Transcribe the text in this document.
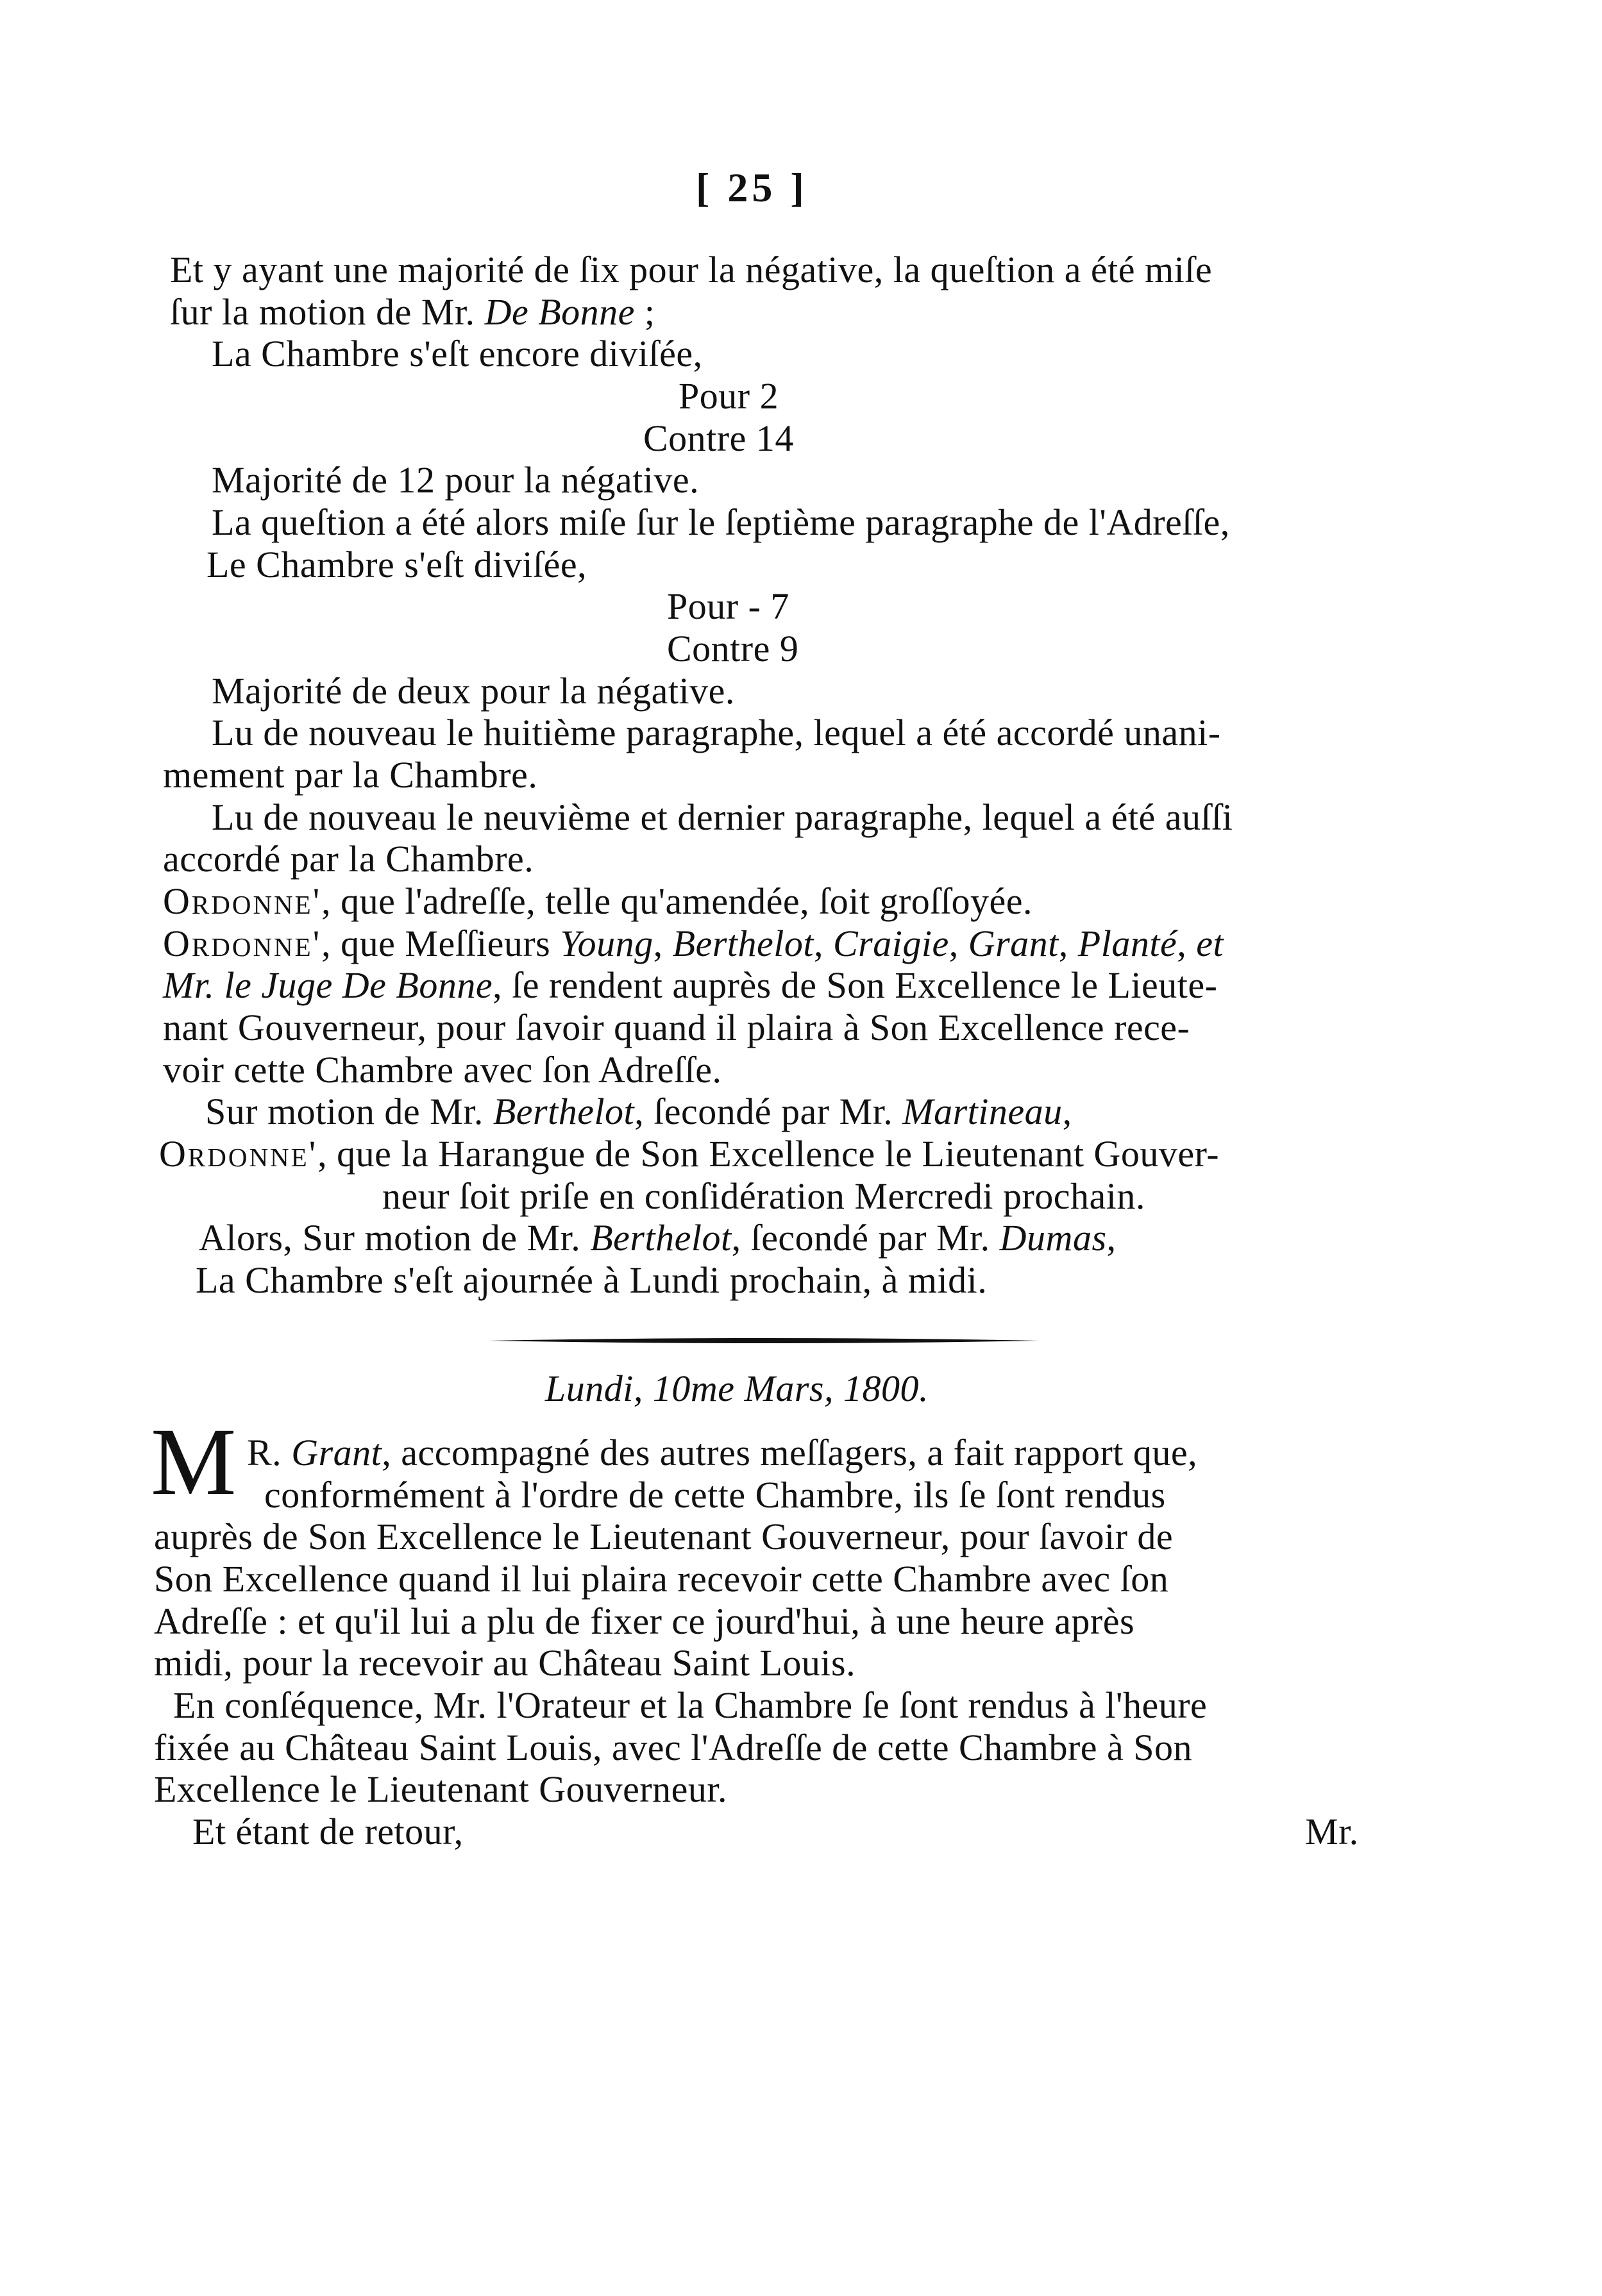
[ 25 ]
Et y ayant une majorité de ſix pour la négative, la queſtion a été miſe
ſur la motion de Mr. De Bonne ;
La Chambre s'eſt encore diviſée,
Pour 2
Contre 14
Majorité de 12 pour la négative.
La queſtion a été alors miſe ſur le ſeptième paragraphe de l'Adreſſe,
Le Chambre s'eſt diviſée,
Pour - 7
Contre 9
Majorité de deux pour la négative.
Lu de nouveau le huitième paragraphe, lequel a été accordé unani-
mement par la Chambre.
Lu de nouveau le neuvième et dernier paragraphe, lequel a été auſſi
accordé par la Chambre.
Ordonne', que l'adreſſe, telle qu'amendée, ſoit groſſoyée.
Ordonne', que Meſſieurs Young, Berthelot, Craigie, Grant, Planté, et
Mr. le Juge De Bonne, ſe rendent auprès de Son Excellence le Lieute-
nant Gouverneur, pour ſavoir quand il plaira à Son Excellence rece-
voir cette Chambre avec ſon Adreſſe.
Sur motion de Mr. Berthelot, ſecondé par Mr. Martineau,
Ordonne', que la Harangue de Son Excellence le Lieutenant Gouver-
neur ſoit priſe en conſidération Mercredi prochain.
Alors, Sur motion de Mr. Berthelot, ſecondé par Mr. Dumas,
La Chambre s'eſt ajournée à Lundi prochain, à midi.
Lundi, 10me Mars, 1800.
M R. Grant, accompagné des autres meſſagers, a fait rapport que,
conformément à l'ordre de cette Chambre, ils ſe ſont rendus
auprès de Son Excellence le Lieutenant Gouverneur, pour ſavoir de
Son Excellence quand il lui plaira recevoir cette Chambre avec ſon
Adreſſe : et qu'il lui a plu de fixer ce jourd'hui, à une heure après
midi, pour la recevoir au Château Saint Louis.
En conſéquence, Mr. l'Orateur et la Chambre ſe ſont rendus à l'heure
fixée au Château Saint Louis, avec l'Adreſſe de cette Chambre à Son
Excellence le Lieutenant Gouverneur.
Et étant de retour,	Mr.
